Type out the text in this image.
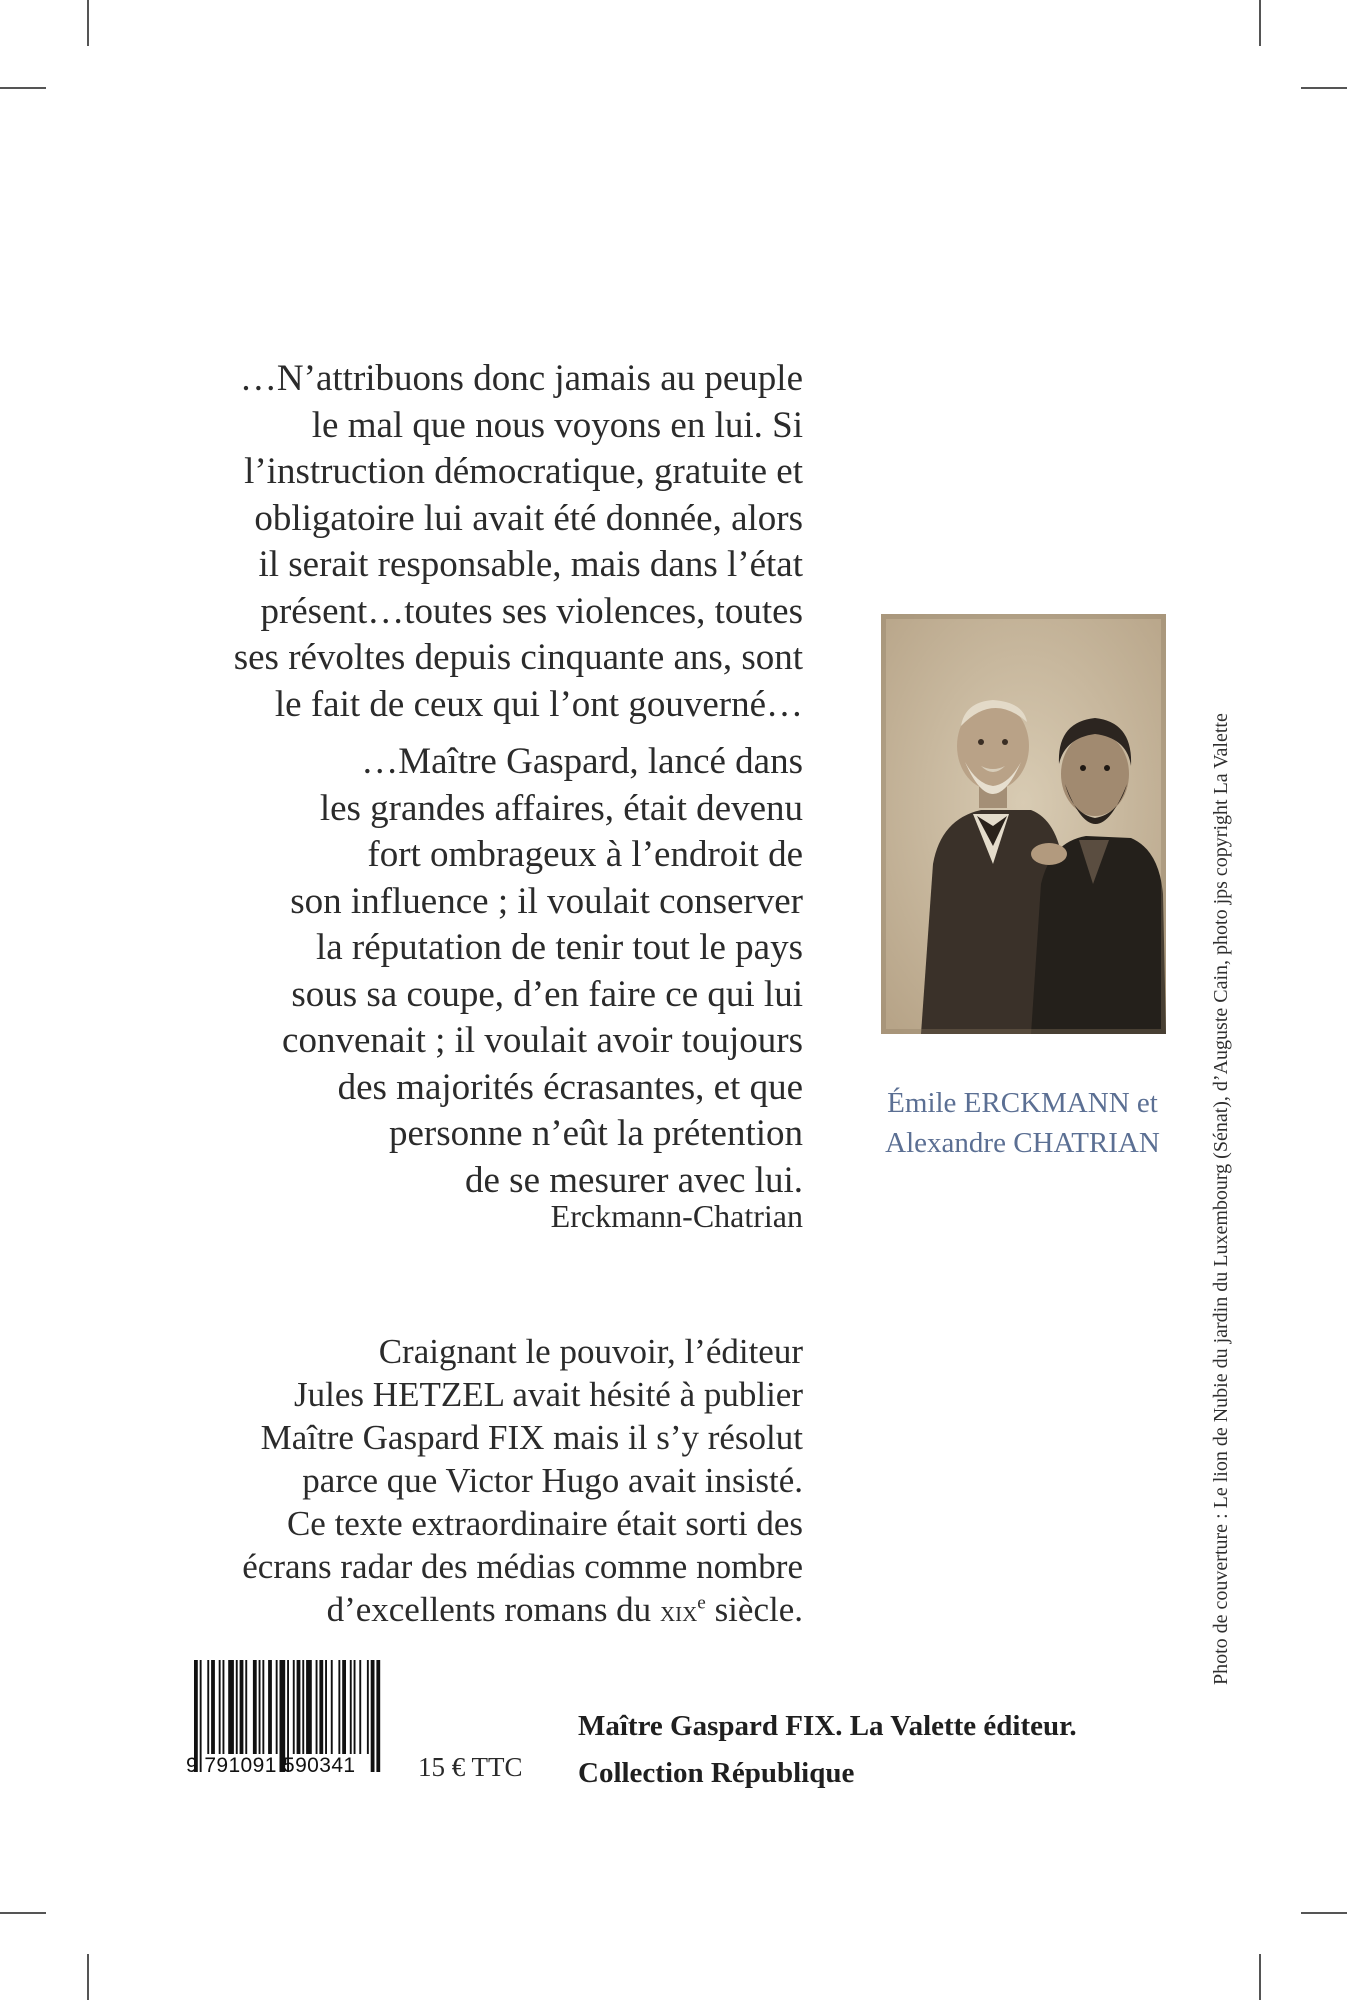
…N’attribuons donc jamais au peuple
le mal que nous voyons en lui. Si
l’instruction démocratique, gratuite et
obligatoire lui avait été donnée, alors
il serait responsable, mais dans l’état
présent…toutes ses violences, toutes
ses révoltes depuis cinquante ans, sont
le fait de ceux qui l’ont gouverné…
…Maître Gaspard, lancé dans
les grandes affaires, était devenu
fort ombrageux à l’endroit de
son influence ; il voulait conserver
la réputation de tenir tout le pays
sous sa coupe, d’en faire ce qui lui
convenait ; il voulait avoir toujours
des majorités écrasantes, et que
personne n’eût la prétention
de se mesurer avec lui.
Erckmann-Chatrian
Émile ERCKMANN et
Alexandre CHATRIAN	Photo de couverture : Le lion de Nubie du jardin du Luxembourg (Sénat), d’Auguste Cain, photo jps copyright La Valette
Craignant le pouvoir, l’éditeur
Jules HETZEL avait hésité à publier
Maître Gaspard FIX mais il s’y résolut
parce que Victor Hugo avait insisté.
Ce texte extraordinaire était sorti des
écrans radar des médias comme nombre
d’excellents romans du xix$^e$ siècle.
9 791091 590341	15 € TTC
Maître Gaspard FIX. La Valette éditeur.
Collection République
